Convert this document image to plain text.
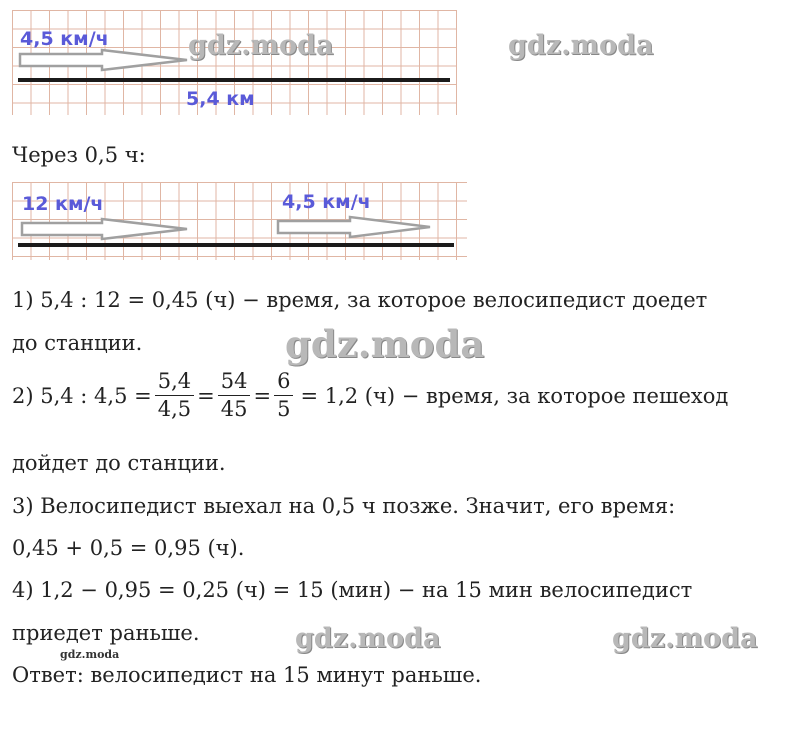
4,5 км/ч
5,4 км
Через 0,5 ч:
12 км/ч	4,5 км/ч
1) 5,4 : 12 = 0,45 (ч) − время, за которое велосипедист доедет
до станции.
2) 5,4 : $4,5 = \frac{5,4}{4,5} = \frac{54}{45} = \frac{6}{5} = 1,2$ (ч) − время, за которое пешеход
дойдет до станции.
3) Велосипедист выехал на 0,5 ч позже. Значит, его время:
0,45 + 0,5 = 0,95 (ч).
4) 1,2 − 0,95 = 0,25 (ч) = 15 (мин) − на 15 мин велосипедист
приедет раньше.
Ответ: велосипедист на 15 минут раньше.
gdz.moda	gdz.moda
gdz.moda
gdz.moda	gdz.moda
gdz.moda
